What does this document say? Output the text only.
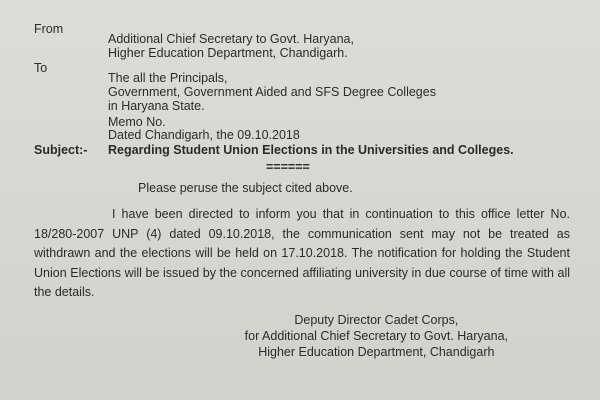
From
Additional Chief Secretary to Govt. Haryana,
Higher Education Department, Chandigarh.
To
The all the Principals,
Government, Government Aided and SFS Degree Colleges
in Haryana State.
Memo No.
Dated Chandigarh, the 09.10.2018
Subject:- Regarding Student Union Elections in the Universities and Colleges.
======
Please peruse the subject cited above.
I have been directed to inform you that in continuation to this office letter No. 18/280-2007 UNP (4) dated 09.10.2018, the communication sent may not be treated as withdrawn and the elections will be held on 17.10.2018. The notification for holding the Student Union Elections will be issued by the concerned affiliating university in due course of time with all the details.
Deputy Director Cadet Corps,
for Additional Chief Secretary to Govt. Haryana,
Higher Education Department, Chandigarh
